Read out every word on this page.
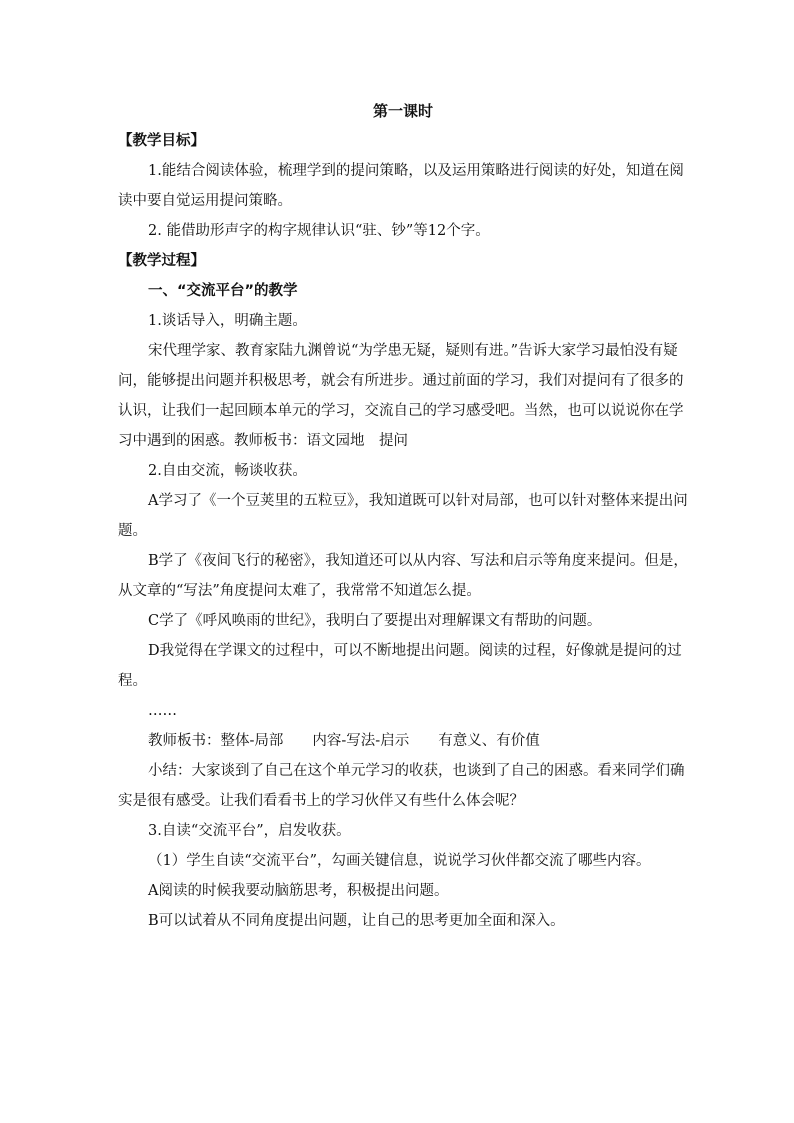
第一课时

【教学目标】

1.能结合阅读体验，梳理学到的提问策略，以及运用策略进行阅读的好处，知道在阅读中要自觉运用提问策略。

2. 能借助形声字的构字规律认识“驻、钞”等12个字。

【教学过程】

一、“交流平台”的教学

1.谈话导入，明确主题。

宋代理学家、教育家陆九渊曾说“为学患无疑，疑则有进。”告诉大家学习最怕没有疑问，能够提出问题并积极思考，就会有所进步。通过前面的学习，我们对提问有了很多的认识，让我们一起回顾本单元的学习，交流自己的学习感受吧。当然，也可以说说你在学习中遇到的困惑。教师板书：语文园地　提问

2.自由交流，畅谈收获。

A学习了《一个豆荚里的五粒豆》，我知道既可以针对局部，也可以针对整体来提出问题。

B学了《夜间飞行的秘密》，我知道还可以从内容、写法和启示等角度来提问。但是，从文章的“写法”角度提问太难了，我常常不知道怎么提。

C学了《呼风唤雨的世纪》，我明白了要提出对理解课文有帮助的问题。

D我觉得在学课文的过程中，可以不断地提出问题。阅读的过程，好像就是提问的过程。

……

教师板书：整体-局部　　内容-写法-启示　　有意义、有价值

小结：大家谈到了自己在这个单元学习的收获，也谈到了自己的困惑。看来同学们确实是很有感受。让我们看看书上的学习伙伴又有些什么体会呢？

3.自读“交流平台”，启发收获。

（1）学生自读“交流平台”，勾画关键信息，说说学习伙伴都交流了哪些内容。

A阅读的时候我要动脑筋思考，积极提出问题。

B可以试着从不同角度提出问题，让自己的思考更加全面和深入。
